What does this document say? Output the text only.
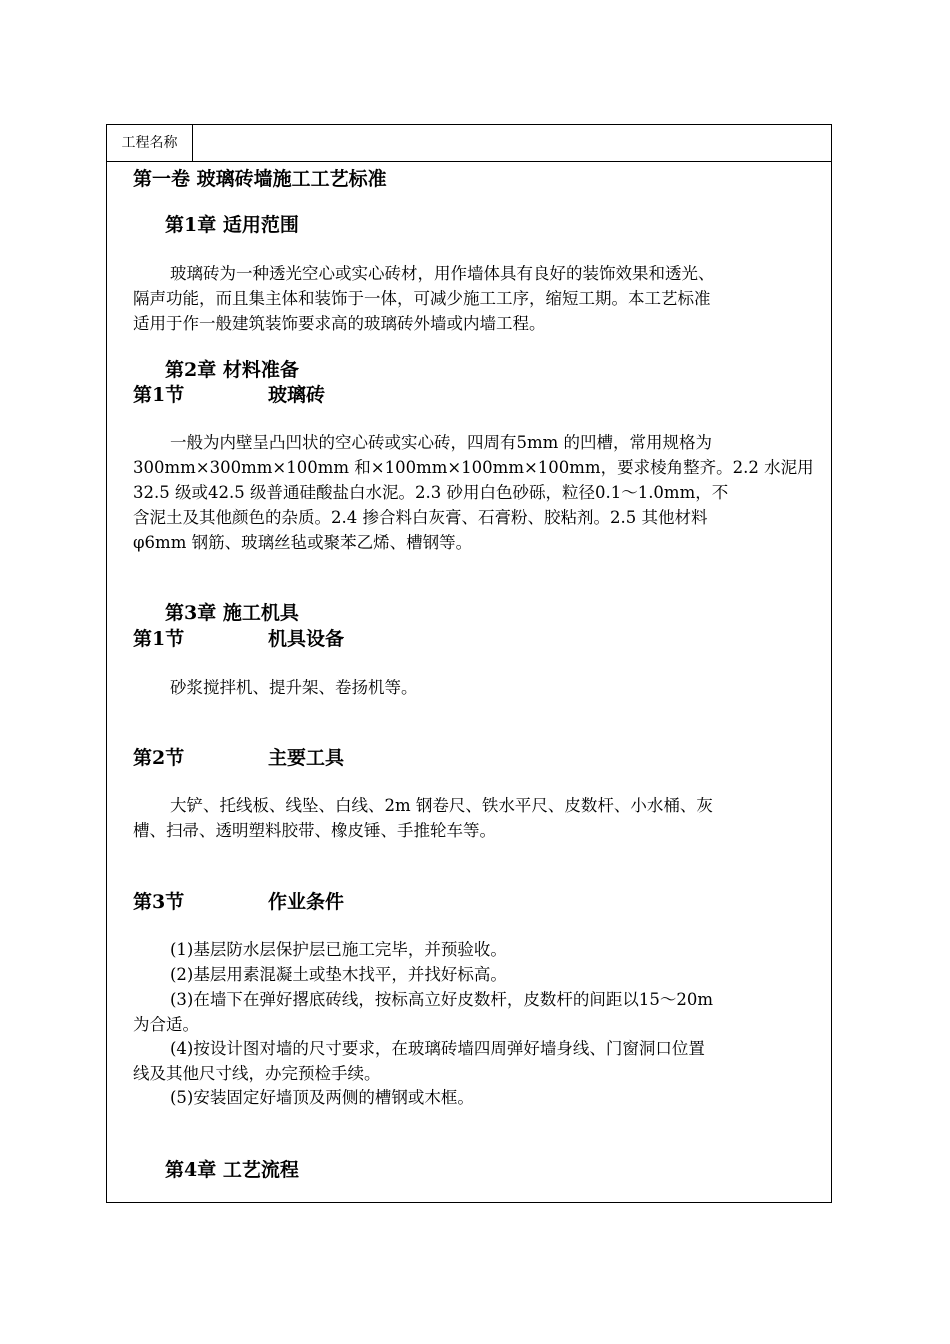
工程名称
第一卷 玻璃砖墙施工工艺标准
第1章 适用范围
玻璃砖为一种透光空心或实心砖材，用作墙体具有良好的装饰效果和透光、
隔声功能，而且集主体和装饰于一体，可减少施工工序，缩短工期。本工艺标准
适用于作一般建筑装饰要求高的玻璃砖外墙或内墙工程。
第2章 材料准备
第1节	玻璃砖
一般为内壁呈凸凹状的空心砖或实心砖，四周有5mm 的凹槽，常用规格为
300mm×300mm×100mm 和×100mm×100mm×100mm，要求棱角整齐。2.2 水泥用
32.5 级或42.5 级普通硅酸盐白水泥。2.3 砂用白色砂砾，粒径0.1～1.0mm，不
含泥土及其他颜色的杂质。2.4 掺合料白灰膏、石膏粉、胶粘剂。2.5 其他材料
φ6mm 钢筋、玻璃丝毡或聚苯乙烯、槽钢等。
第3章 施工机具
第1节	机具设备
砂浆搅拌机、提升架、卷扬机等。
第2节	主要工具
大铲、托线板、线坠、白线、2m 钢卷尺、铁水平尺、皮数杆、小水桶、灰
槽、扫帚、透明塑料胶带、橡皮锤、手推轮车等。
第3节	作业条件
(1)基层防水层保护层已施工完毕，并预验收。
(2)基层用素混凝土或垫木找平，并找好标高。
(3)在墙下在弹好撂底砖线，按标高立好皮数杆，皮数杆的间距以15～20m
为合适。
(4)按设计图对墙的尺寸要求，在玻璃砖墙四周弹好墙身线、门窗洞口位置
线及其他尺寸线，办完预检手续。
(5)安装固定好墙顶及两侧的槽钢或木框。
第4章 工艺流程
